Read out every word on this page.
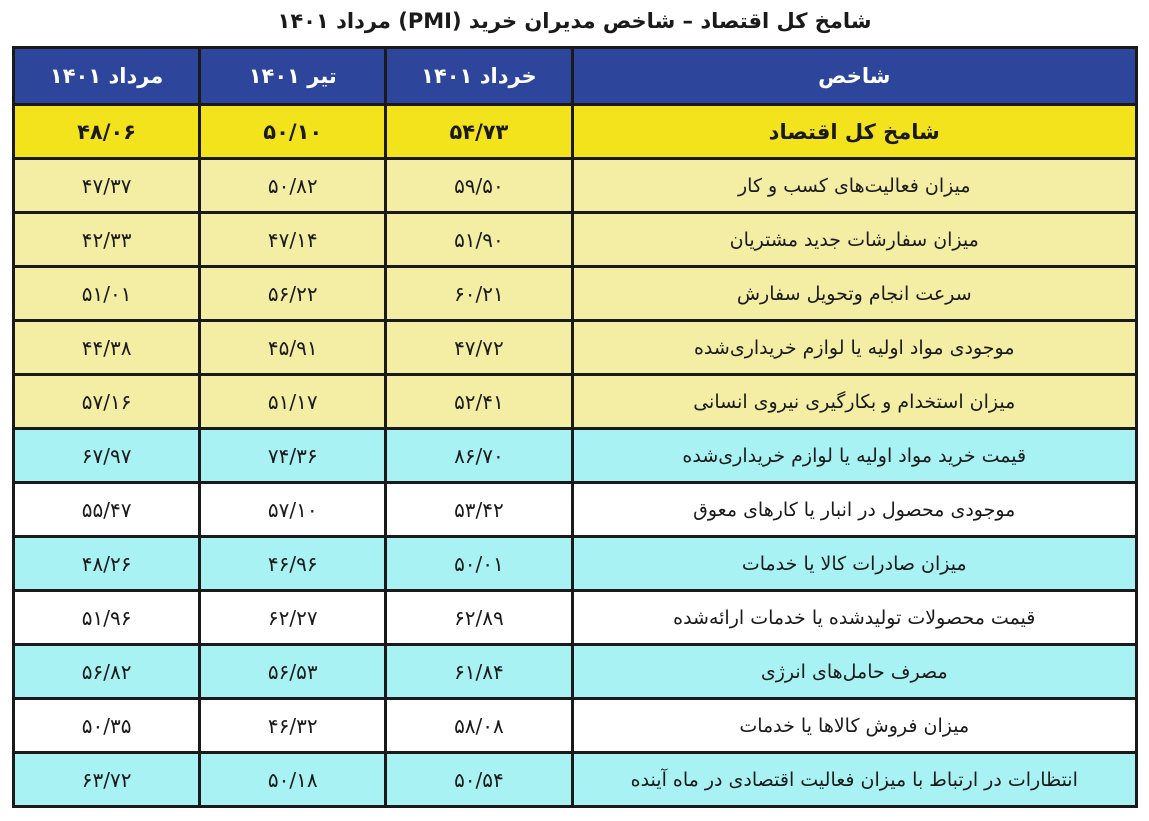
شامخ کل اقتصاد – شاخص مدیران خرید (PMI) مرداد ۱۴۰۱
شاخص	خرداد ۱۴۰۱	تیر ۱۴۰۱	مرداد ۱۴۰۱
شامخ کل اقتصاد	۵۴/۷۳	۵۰/۱۰	۴۸/۰۶
میزان فعالیت‌های کسب و کار	۵۹/۵۰	۵۰/۸۲	۴۷/۳۷
میزان سفارشات جدید مشتریان	۵۱/۹۰	۴۷/۱۴	۴۲/۳۳
سرعت انجام وتحویل سفارش	۶۰/۲۱	۵۶/۲۲	۵۱/۰۱
موجودی مواد اولیه یا لوازم خریداری‌شده	۴۷/۷۲	۴۵/۹۱	۴۴/۳۸
میزان استخدام و بکارگیری نیروی انسانی	۵۲/۴۱	۵۱/۱۷	۵۷/۱۶
قیمت خرید مواد اولیه یا لوازم خریداری‌شده	۸۶/۷۰	۷۴/۳۶	۶۷/۹۷
موجودی محصول در انبار یا کارهای معوق	۵۳/۴۲	۵۷/۱۰	۵۵/۴۷
میزان صادرات کالا یا خدمات	۵۰/۰۱	۴۶/۹۶	۴۸/۲۶
قیمت محصولات تولیدشده یا خدمات ارائه‌شده	۶۲/۸۹	۶۲/۲۷	۵۱/۹۶
مصرف حامل‌های انرژی	۶۱/۸۴	۵۶/۵۳	۵۶/۸۲
میزان فروش کالاها یا خدمات	۵۸/۰۸	۴۶/۳۲	۵۰/۳۵
انتظارات در ارتباط با میزان فعالیت اقتصادی در ماه آینده	۵۰/۵۴	۵۰/۱۸	۶۳/۷۲
